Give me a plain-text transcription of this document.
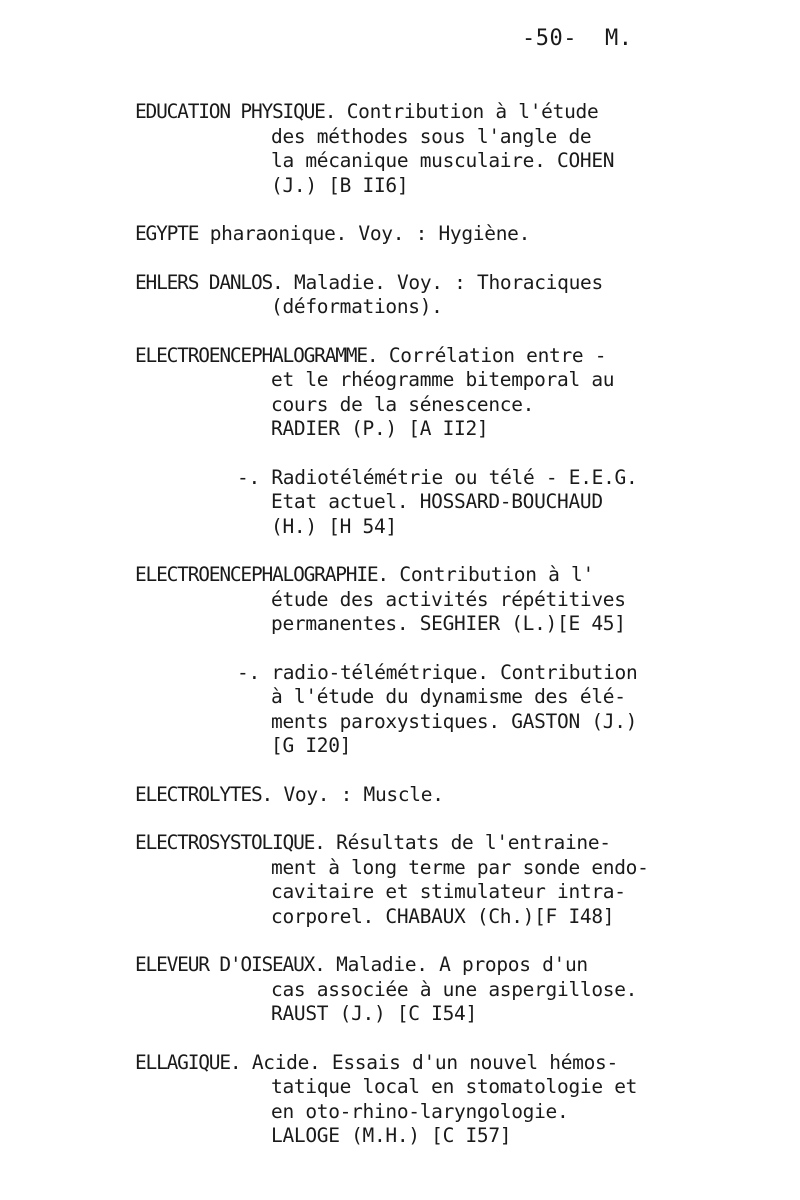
-50- M.
EDUCATION PHYSIQUE. Contribution à l'étude
des méthodes sous l'angle de
la mécanique musculaire. COHEN
(J.) [B II6]
EGYPTE pharaonique. Voy. : Hygiène.
EHLERS DANLOS. Maladie. Voy. : Thoraciques
(déformations).
ELECTROENCEPHALOGRAMME. Corrélation entre -
et le rhéogramme bitemporal au
cours de la sénescence.
RADIER (P.) [A II2]
-. Radiotélémétrie ou télé - E.E.G.
Etat actuel. HOSSARD-BOUCHAUD
(H.) [H 54]
ELECTROENCEPHALOGRAPHIE. Contribution à l'
étude des activités répétitives
permanentes. SEGHIER (L.)[E 45]
-. radio-télémétrique. Contribution
à l'étude du dynamisme des élé-
ments paroxystiques. GASTON (J.)
[G I20]
ELECTROLYTES. Voy. : Muscle.
ELECTROSYSTOLIQUE. Résultats de l'entraine-
ment à long terme par sonde endo-
cavitaire et stimulateur intra-
corporel. CHABAUX (Ch.)[F I48]
ELEVEUR D'OISEAUX. Maladie. A propos d'un
cas associée à une aspergillose.
RAUST (J.) [C I54]
ELLAGIQUE. Acide. Essais d'un nouvel hémos-
tatique local en stomatologie et
en oto-rhino-laryngologie.
LALOGE (M.H.) [C I57]
